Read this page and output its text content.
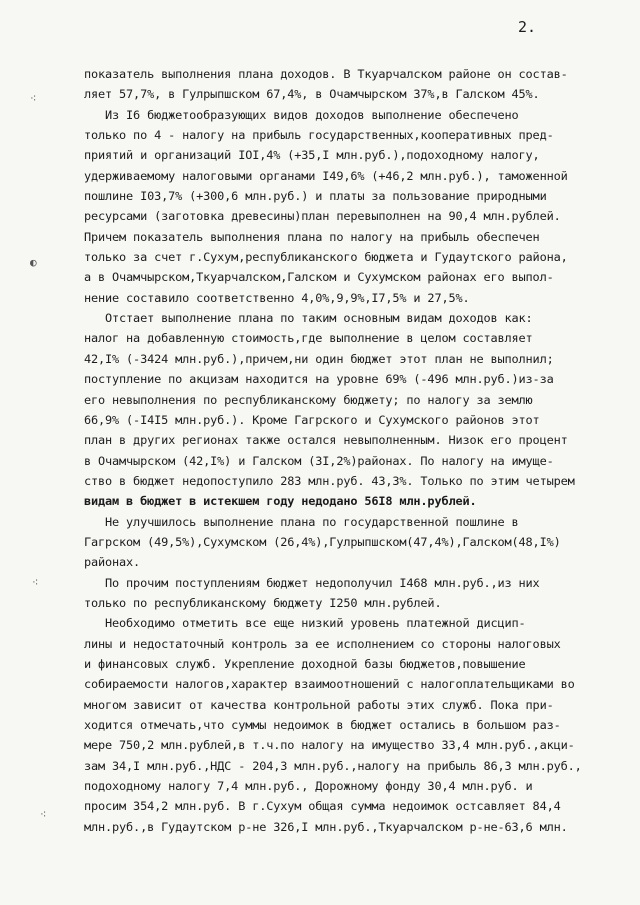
2.
показатель выполнения плана доходов. В Ткуарчалском районе он состав-
ляет 57,7%, в Гулрыпшском 67,4%, в Очамчырском 37%,в Галском 45%.
Из I6 бюджетообразующих видов доходов выполнение обеспечено
только по 4 - налогу на прибыль государственных,кооперативных пред-
приятий и организаций IOI,4% (+35,I млн.руб.),подоходному налогу,
удерживаемому налоговыми органами I49,6% (+46,2 млн.руб.), таможенной
пошлине I03,7% (+300,6 млн.руб.) и платы за пользование природными
ресурсами (заготовка древесины)план перевыполнен на 90,4 млн.рублей.
Причем показатель выполнения плана по налогу на прибыль обеспечен
только за счет г.Сухум,республиканского бюджета и Гудаутского района,
а в Очамчырском,Ткуарчалском,Галском и Сухумском районах его выпол-
нение составило соответственно 4,0%,9,9%,I7,5% и 27,5%.
Отстает выполнение плана по таким основным видам доходов как:
налог на добавленную стоимость,где выполнение в целом составляет
42,I% (-3424 млн.руб.),причем,ни один бюджет этот план не выполнил;
поступление по акцизам находится на уровне 69% (-496 млн.руб.)из-за
его невыполнения по республиканскому бюджету; по налогу за землю
66,9% (-I4I5 млн.руб.). Кроме Гагрского и Сухумского районов этот
план в других регионах также остался невыполненным. Низок его процент
в Очамчырском (42,I%) и Галском (3I,2%)районах. По налогу на имуще-
ство в бюджет недопоступило 283 млн.руб. 43,3%. Только по этим четырем
видам в бюджет в истекшем году недодано 56I8 млн.рублей.
Не улучшилось выполнение плана по государственной пошлине в
Гагрском (49,5%),Сухумском (26,4%),Гулрыпшском(47,4%),Галском(48,I%)
районах.
По прочим поступлениям бюджет недополучил I468 млн.руб.,из них
только по республиканскому бюджету I250 млн.рублей.
Необходимо отметить все еще низкий уровень платежной дисцип-
лины и недостаточный контроль за ее исполнением со стороны налоговых
и финансовых служб. Укрепление доходной базы бюджетов,повышение
собираемости налогов,характер взаимоотношений с налогоплательщиками во
многом зависит от качества контрольной работы этих служб. Пока при-
ходится отмечать,что суммы недоимок в бюджет остались в большом раз-
мере 750,2 млн.рублей,в т.ч.по налогу на имущество 33,4 млн.руб.,акци-
зам 34,I млн.руб.,НДС - 204,3 млн.руб.,налогу на прибыль 86,3 млн.руб.,
подоходному налогу 7,4 млн.руб., Дорожному фонду 30,4 млн.руб. и
просим 354,2 млн.руб. В г.Сухум общая сумма недоимок остсавляет 84,4
млн.руб.,в Гудаутском р-не 326,I млн.руб.,Ткуарчалском р-не-63,6 млн.
⁖
◐
⁖
⁖
